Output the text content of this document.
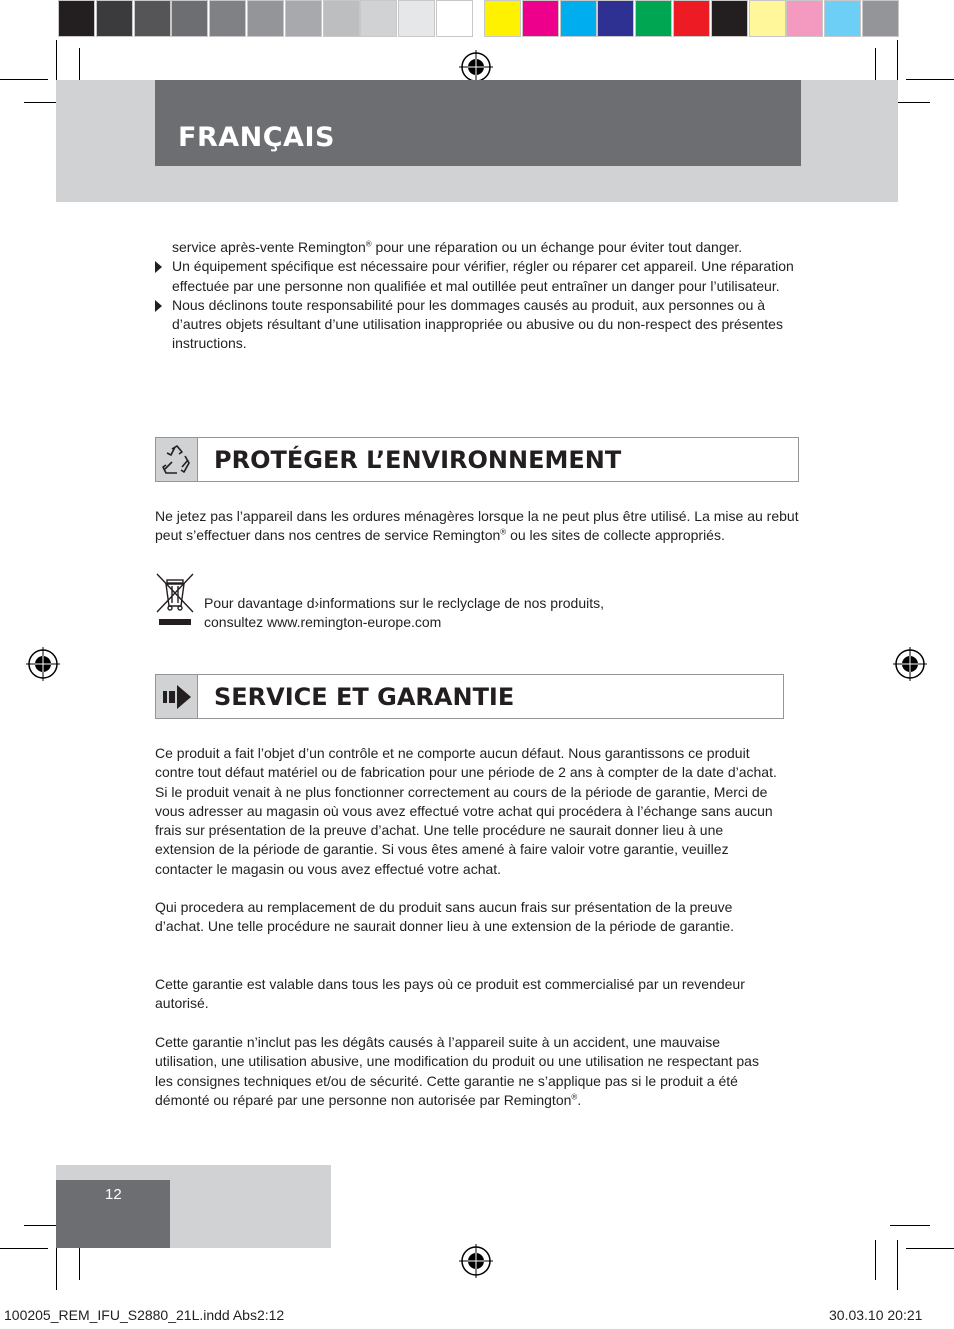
FRANÇAIS

service après-vente Remington® pour une réparation ou un échange pour éviter tout danger.

Un équipement spécifique est nécessaire pour vérifier, régler ou réparer cet appareil. Une réparation effectuée par une personne non qualifiée et mal outillée peut entraîner un danger pour l’utilisateur.

Nous déclinons toute responsabilité pour les dommages causés au produit, aux personnes ou à d’autres objets résultant d’une utilisation inappropriée ou abusive ou du non-respect des présentes instructions.

PROTÉGER L’ENVIRONNEMENT

Ne jetez pas l’appareil dans les ordures ménagères lorsque la ne peut plus être utilisé. La mise au rebut peut s’effectuer dans nos centres de service Remington® ou les sites de collecte appropriés.

Pour davantage d›informations sur le reclyclage de nos produits,
consultez www.remington-europe.com

SERVICE ET GARANTIE

Ce produit a fait l’objet d’un contrôle et ne comporte aucun défaut. Nous garantissons ce produit contre tout défaut matériel ou de fabrication pour une période de 2 ans à compter de la date d’achat. Si le produit venait à ne plus fonctionner correctement au cours de la période de garantie, Merci de vous adresser au magasin où vous avez effectué votre achat qui procédera à l’échange sans aucun frais sur présentation de la preuve d’achat. Une telle procédure ne saurait donner lieu à une extension de la période de garantie. Si vous êtes amené à faire valoir votre garantie, veuillez contacter le magasin ou vous avez effectué votre achat.

Qui procedera au remplacement de du produit sans aucun frais sur présentation de la preuve d’achat. Une telle procédure ne saurait donner lieu à une extension de la période de garantie.

Cette garantie est valable dans tous les pays où ce produit est commercialisé par un revendeur autorisé.

Cette garantie n’inclut pas les dégâts causés à l’appareil suite à un accident, une mauvaise utilisation, une utilisation abusive, une modification du produit ou une utilisation ne respectant pas les consignes techniques et/ou de sécurité. Cette garantie ne s’applique pas si le produit a été démonté ou réparé par une personne non autorisée par Remington®.

12
100205_REM_IFU_S2880_21L.indd Abs2:12	30.03.10 20:21
